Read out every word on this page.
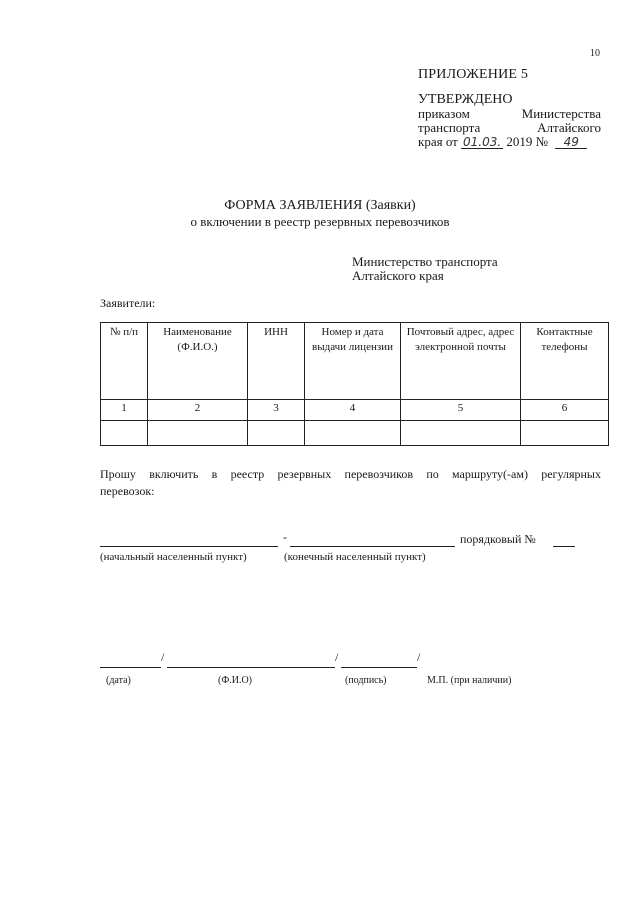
10
ПРИЛОЖЕНИЕ 5
УТВЕРЖДЕНО
приказом	Министерства
транспорта	Алтайского
края от 01.03. 2019 № 49
ФОРМА ЗАЯВЛЕНИЯ (Заявки)
о включении в реестр резервных перевозчиков
Министерство транспорта
Алтайского края
Заявители:
№ п/п	Наименование (Ф.И.О.)	ИНН	Номер и дата выдачи лицензии	Почтовый адрес, адрес электронной почты	Контактные телефоны
1	2	3	4	5	6

Прошу включить в реестр резервных перевозчиков по маршруту(-ам) регулярных
перевозок:
-	порядковый №
(начальный населенный пункт)	(конечный населенный пункт)
/	/	/
(дата)	(Ф.И.О)	(подпись)	М.П. (при наличии)
